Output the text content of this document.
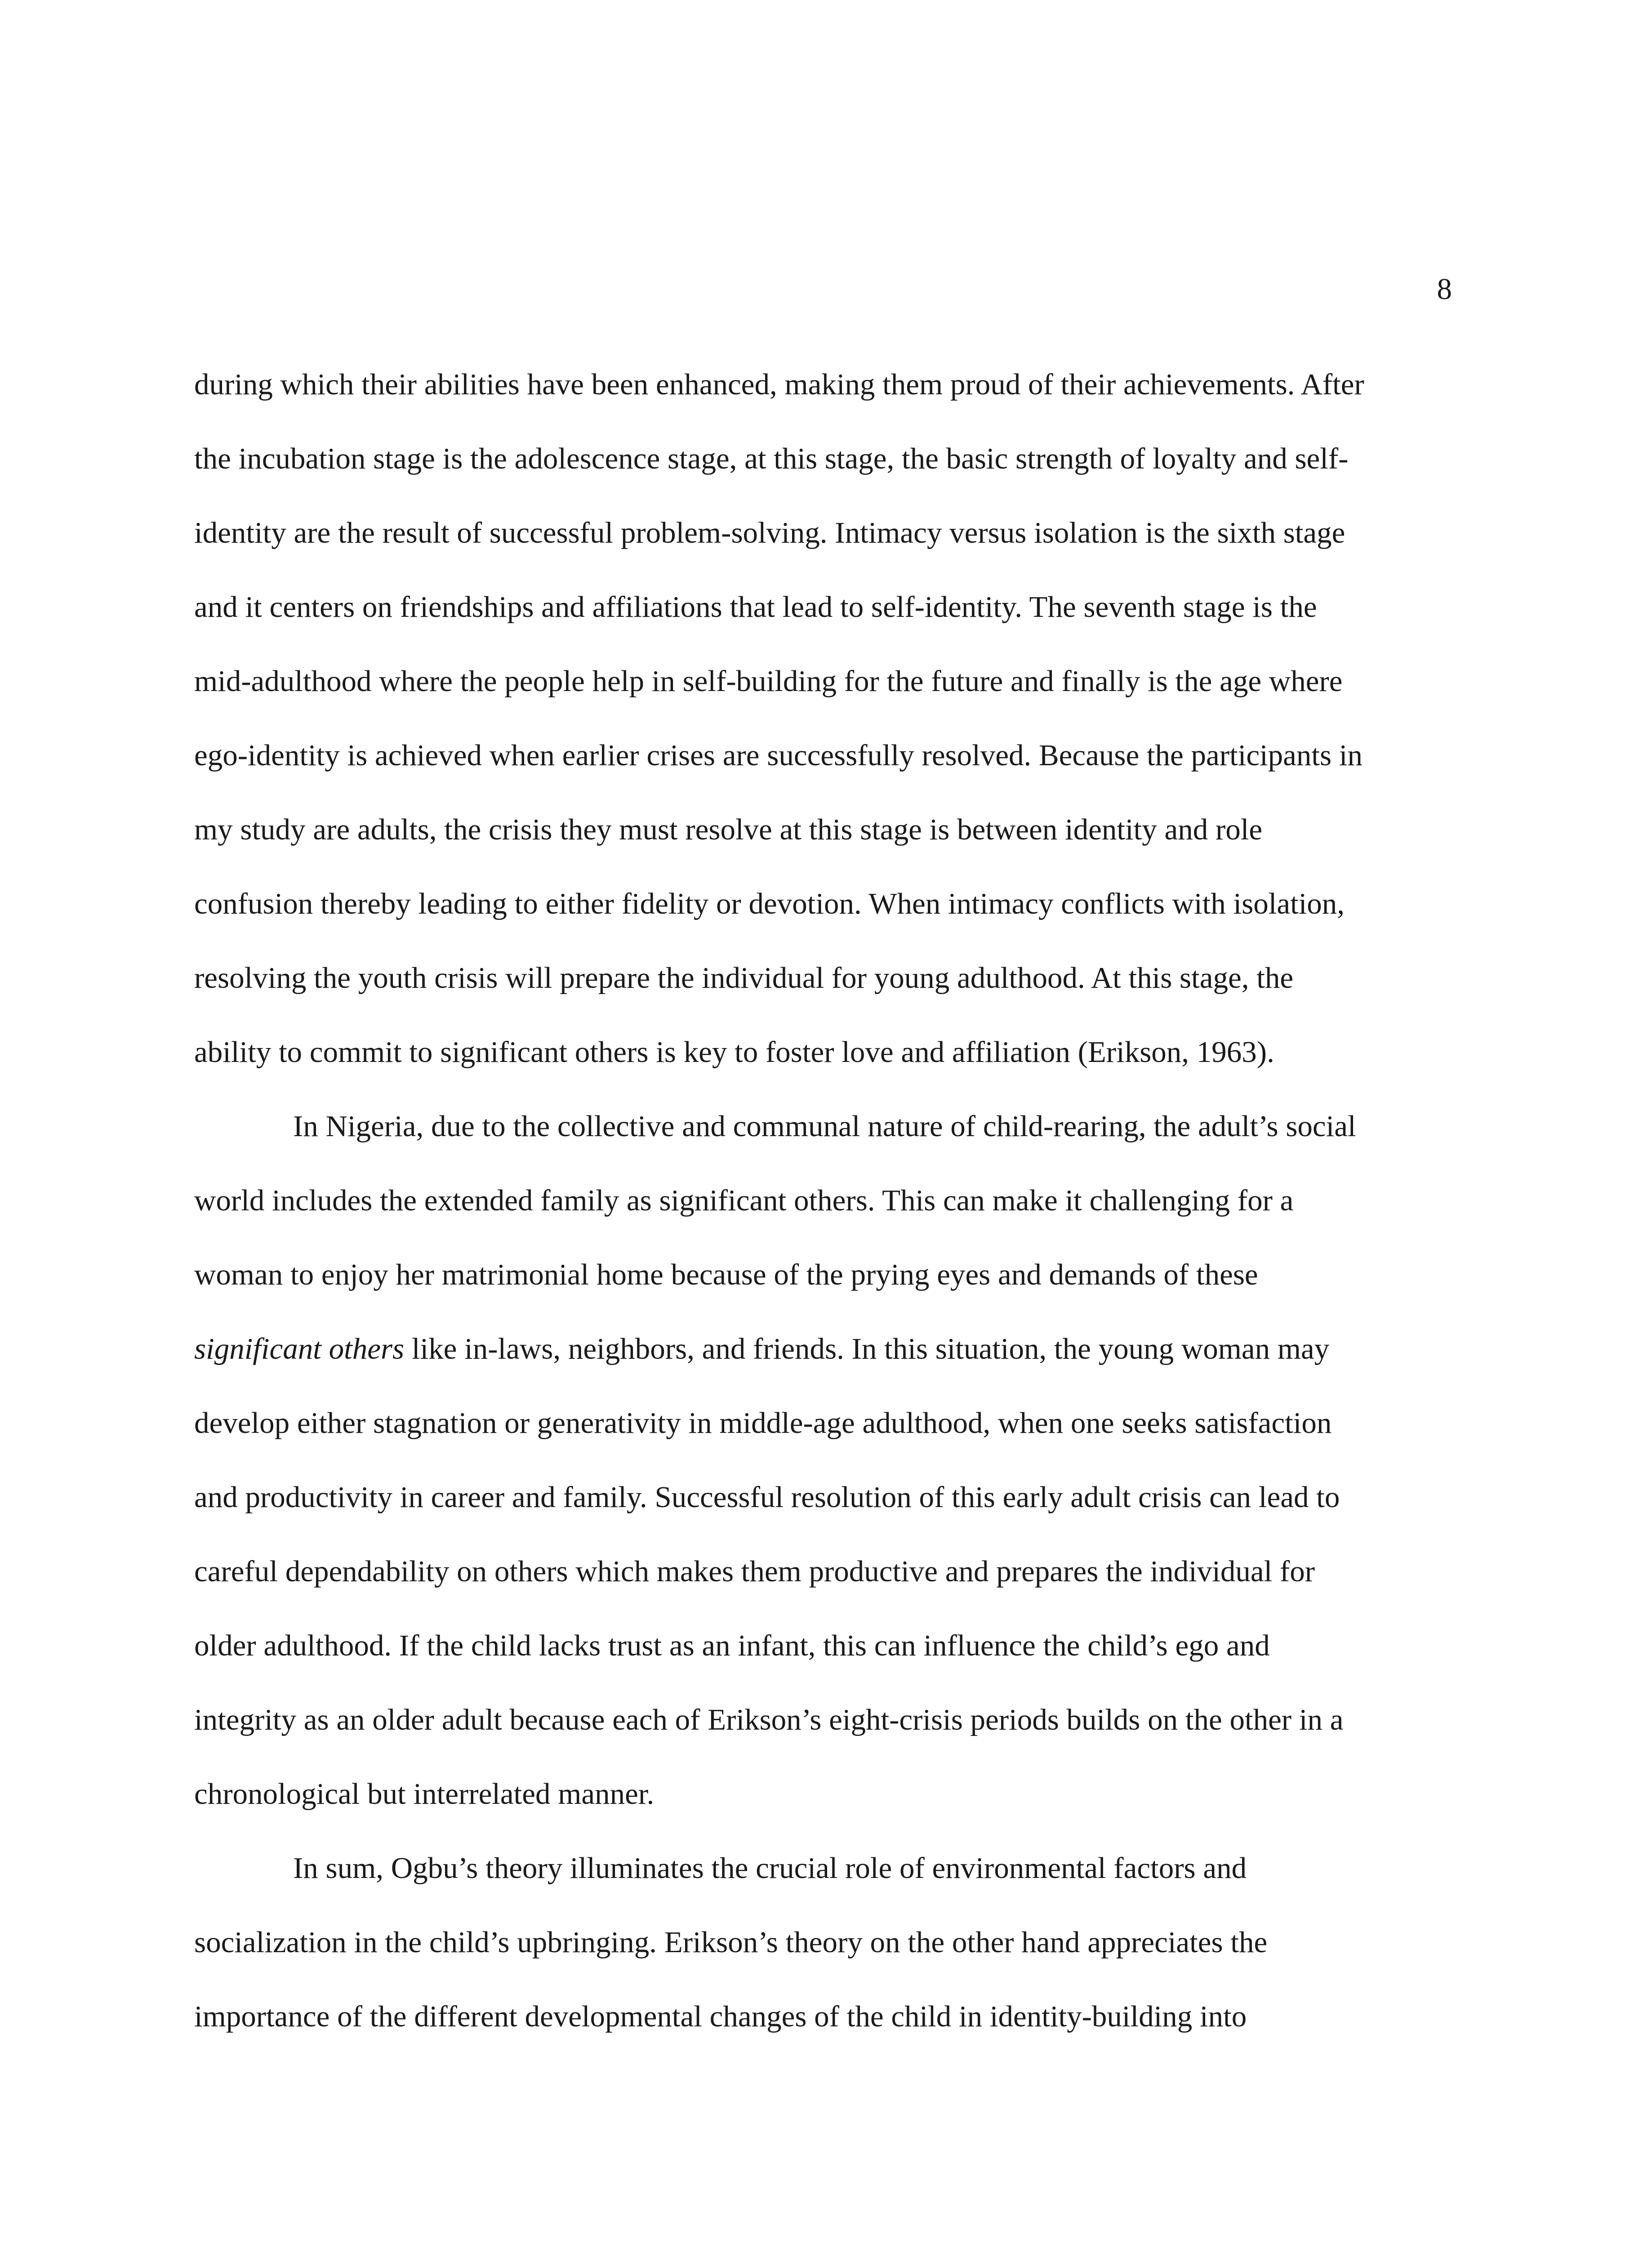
8
during which their abilities have been enhanced, making them proud of their achievements. After
the incubation stage is the adolescence stage, at this stage, the basic strength of loyalty and self-
identity are the result of successful problem-solving. Intimacy versus isolation is the sixth stage
and it centers on friendships and affiliations that lead to self-identity. The seventh stage is the
mid-adulthood where the people help in self-building for the future and finally is the age where
ego-identity is achieved when earlier crises are successfully resolved. Because the participants in
my study are adults, the crisis they must resolve at this stage is between identity and role
confusion thereby leading to either fidelity or devotion. When intimacy conflicts with isolation,
resolving the youth crisis will prepare the individual for young adulthood. At this stage, the
ability to commit to significant others is key to foster love and affiliation (Erikson, 1963).
In Nigeria, due to the collective and communal nature of child-rearing, the adult’s social
world includes the extended family as significant others. This can make it challenging for a
woman to enjoy her matrimonial home because of the prying eyes and demands of these
significant others like in-laws, neighbors, and friends. In this situation, the young woman may
develop either stagnation or generativity in middle-age adulthood, when one seeks satisfaction
and productivity in career and family. Successful resolution of this early adult crisis can lead to
careful dependability on others which makes them productive and prepares the individual for
older adulthood. If the child lacks trust as an infant, this can influence the child’s ego and
integrity as an older adult because each of Erikson’s eight-crisis periods builds on the other in a
chronological but interrelated manner.
In sum, Ogbu’s theory illuminates the crucial role of environmental factors and
socialization in the child’s upbringing. Erikson’s theory on the other hand appreciates the
importance of the different developmental changes of the child in identity-building into
